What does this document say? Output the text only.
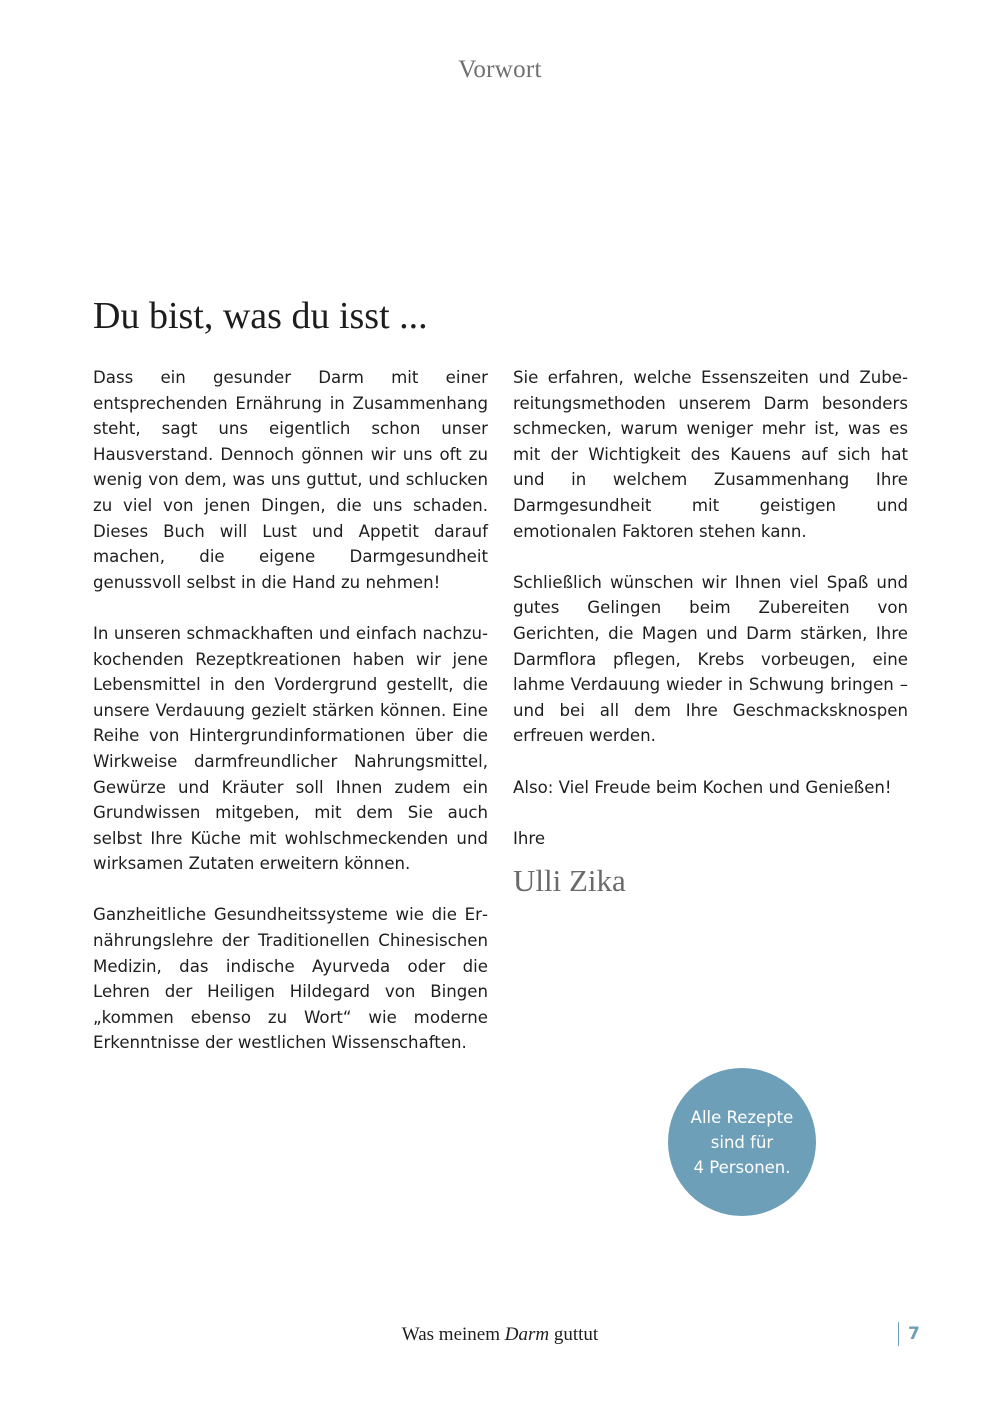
Vorwort
Du bist, was du isst ...

Dass ein gesunder Darm mit einer entsprechenden Ernährung in Zusammenhang steht, sagt uns eigentlich schon unser Hausverstand. Dennoch gönnen wir uns oft zu wenig von dem, was uns guttut, und schlucken zu viel von jenen Dingen, die uns schaden. Dieses Buch will Lust und Appetit darauf machen, die eigene Darmgesundheit genussvoll selbst in die Hand zu nehmen!

In unseren schmackhaften und einfach nachzukochenden Rezeptkreationen haben wir jene Lebensmittel in den Vordergrund gestellt, die unsere Verdauung gezielt stärken können. Eine Reihe von Hintergrundinformationen über die Wirkweise darmfreundlicher Nahrungsmittel, Gewürze und Kräuter soll Ihnen zudem ein Grundwissen mitgeben, mit dem Sie auch selbst Ihre Küche mit wohlschmeckenden und wirksamen Zutaten erweitern können.

Ganzheitliche Gesundheitssysteme wie die Ernährungslehre der Traditionellen Chinesischen Medizin, das indische Ayurveda oder die Lehren der Heiligen Hildegard von Bingen „kommen ebenso zu Wort“ wie moderne Erkenntnisse der westlichen Wissenschaften.

Sie erfahren, welche Essenszeiten und Zubereitungsmethoden unserem Darm besonders schmecken, warum weniger mehr ist, was es mit der Wichtigkeit des Kauens auf sich hat und in welchem Zusammenhang Ihre Darmgesundheit mit geistigen und emotionalen Faktoren stehen kann.

Schließlich wünschen wir Ihnen viel Spaß und gutes Gelingen beim Zubereiten von Gerichten, die Magen und Darm stärken, Ihre Darmflora pflegen, Krebs vorbeugen, eine lahme Verdauung wieder in Schwung bringen – und bei all dem Ihre Geschmacksknospen erfreuen werden.

Also: Viel Freude beim Kochen und Genießen!

Ihre

Ulli Zika

Alle Rezepte
sind für
4 Personen.
Was meinem Darm guttut	7
